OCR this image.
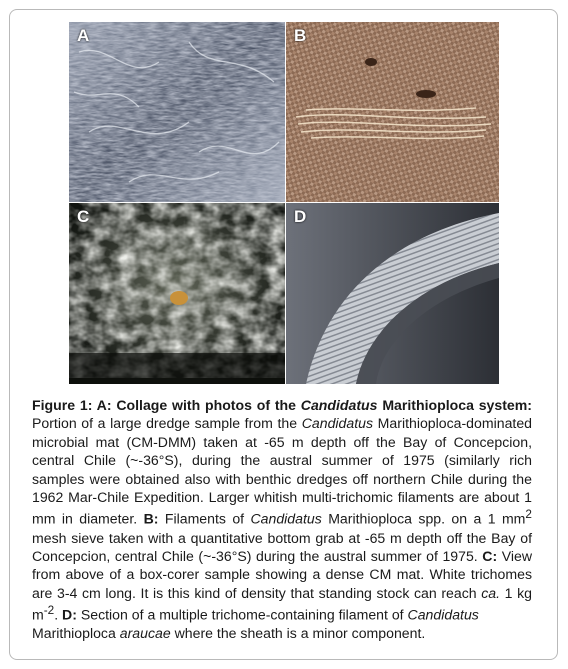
A	B
C	D
Figure 1: A: Collage with photos of the Candidatus Marithioploca system: Portion of a large dredge sample from the Candidatus Marithioploca-dominated microbial mat (CM-DMM) taken at -65 m depth off the Bay of Concepcion, central Chile (~-36°S), during the austral summer of 1975 (similarly rich samples were obtained also with benthic dredges off northern Chile during the 1962 Mar-Chile Expedition. Larger whitish multi-trichomic filaments are about 1 mm in diameter. B: Filaments of Candidatus Marithioploca spp. on a 1 $mm^2$ mesh sieve taken with a quantitative bottom grab at -65 m depth off the Bay of Concepcion, central Chile (~-36°S) during the austral summer of 1975. C: View from above of a box-corer sample showing a dense CM mat. White trichomes are 3-4 cm long. It is this kind of density that standing stock can reach ca. 1 kg $m^{-2}$. D: Section of a multiple trichome-containing filament of Candidatus
Marithioploca araucae where the sheath is a minor component.
